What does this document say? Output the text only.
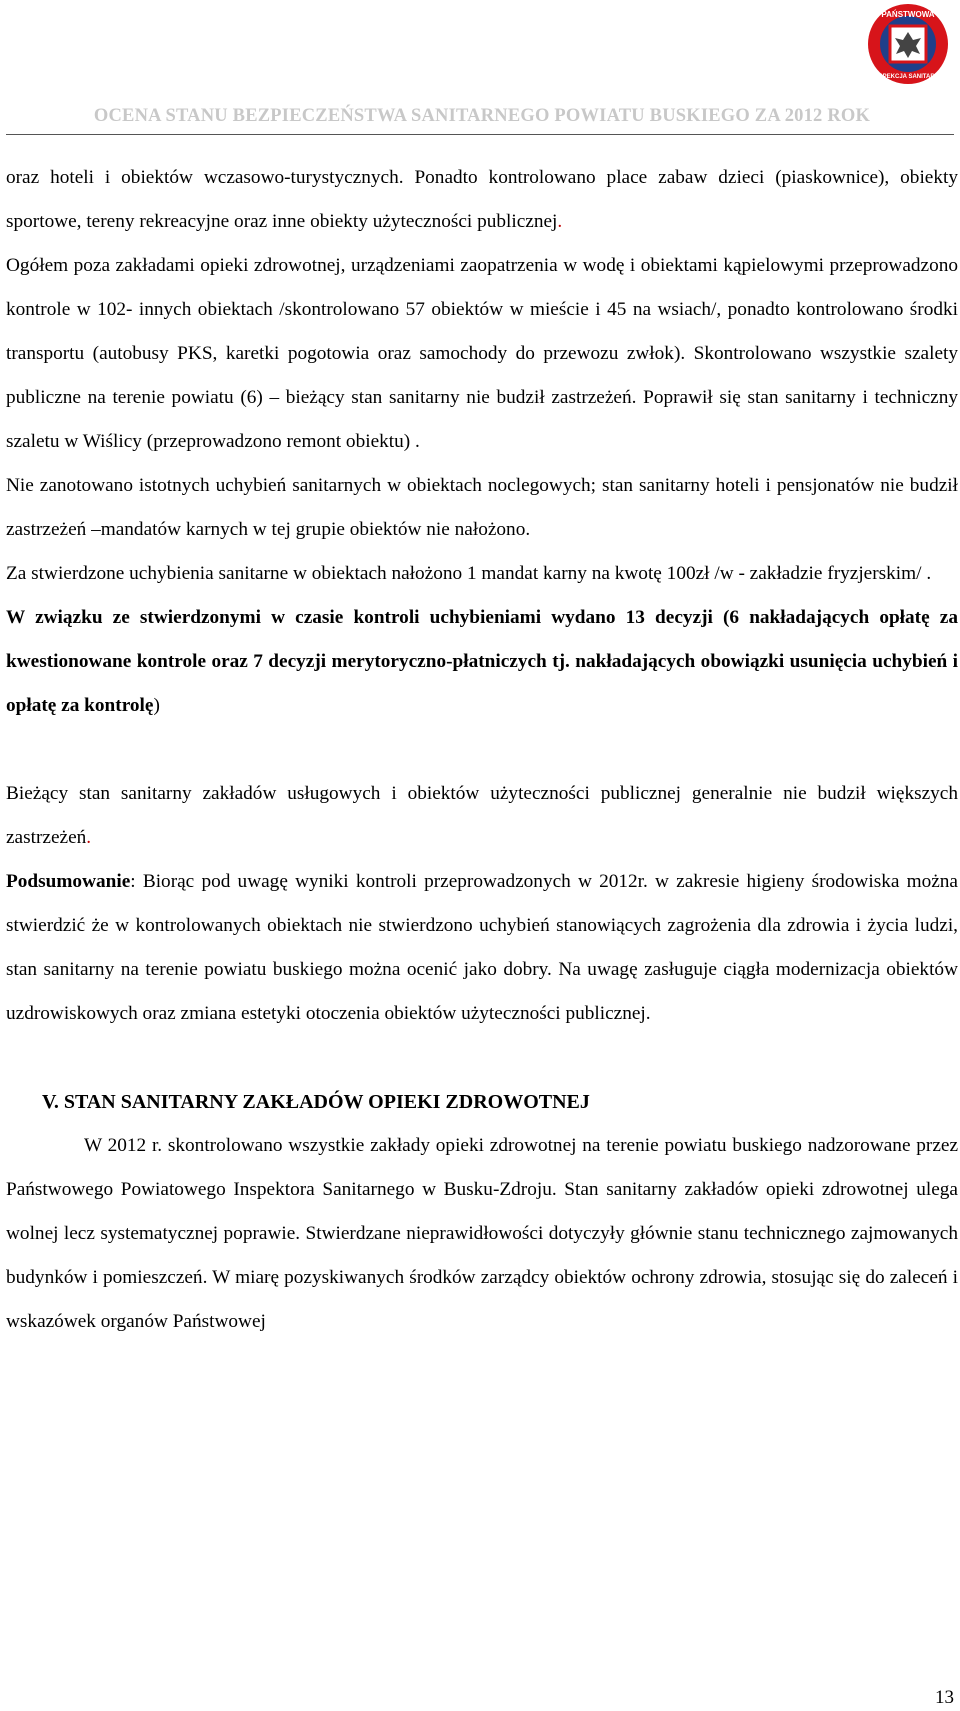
PAŃSTWOWA
INSPEKCJA SANITARNA
OCENA STANU BEZPIECZEŃSTWA SANITARNEGO POWIATU BUSKIEGO ZA 2012 ROK

oraz hoteli i obiektów wczasowo-turystycznych. Ponadto kontrolowano place zabaw dzieci (piaskownice), obiekty sportowe, tereny rekreacyjne oraz inne obiekty użyteczności publicznej.

Ogółem poza zakładami opieki zdrowotnej, urządzeniami zaopatrzenia w wodę i obiektami kąpielowymi przeprowadzono kontrole w 102- innych obiektach /skontrolowano 57 obiektów w mieście i 45 na wsiach/, ponadto kontrolowano środki transportu (autobusy PKS, karetki pogotowia oraz samochody do przewozu zwłok). Skontrolowano wszystkie szalety publiczne na terenie powiatu (6) – bieżący stan sanitarny nie budził zastrzeżeń. Poprawił się stan sanitarny i techniczny szaletu w Wiślicy (przeprowadzono remont obiektu) .

Nie zanotowano istotnych uchybień sanitarnych w obiektach noclegowych; stan sanitarny hoteli i pensjonatów nie budził zastrzeżeń –mandatów karnych w tej grupie obiektów nie nałożono.

Za stwierdzone uchybienia sanitarne w obiektach nałożono 1 mandat karny na kwotę 100zł /w - zakładzie fryzjerskim/ .

W związku ze stwierdzonymi w czasie kontroli uchybieniami wydano 13 decyzji (6 nakładających opłatę za kwestionowane kontrole oraz 7 decyzji merytoryczno-płatniczych tj. nakładających obowiązki usunięcia uchybień i opłatę za kontrolę)

Bieżący stan sanitarny zakładów usługowych i obiektów użyteczności publicznej generalnie nie budził większych zastrzeżeń.

Podsumowanie: Biorąc pod uwagę wyniki kontroli przeprowadzonych w 2012r. w zakresie higieny środowiska można stwierdzić że w kontrolowanych obiektach nie stwierdzono uchybień stanowiących zagrożenia dla zdrowia i życia ludzi, stan sanitarny na terenie powiatu buskiego można ocenić jako dobry. Na uwagę zasługuje ciągła modernizacja obiektów uzdrowiskowych oraz zmiana estetyki otoczenia obiektów użyteczności publicznej.

V. STAN SANITARNY ZAKŁADÓW OPIEKI ZDROWOTNEJ

W 2012 r. skontrolowano wszystkie zakłady opieki zdrowotnej na terenie powiatu buskiego nadzorowane przez Państwowego Powiatowego Inspektora Sanitarnego w Busku-Zdroju. Stan sanitarny zakładów opieki zdrowotnej ulega wolnej lecz systematycznej poprawie. Stwierdzane nieprawidłowości dotyczyły głównie stanu technicznego zajmowanych budynków i pomieszczeń. W miarę pozyskiwanych środków zarządcy obiektów ochrony zdrowia, stosując się do zaleceń i wskazówek organów Państwowej

13
